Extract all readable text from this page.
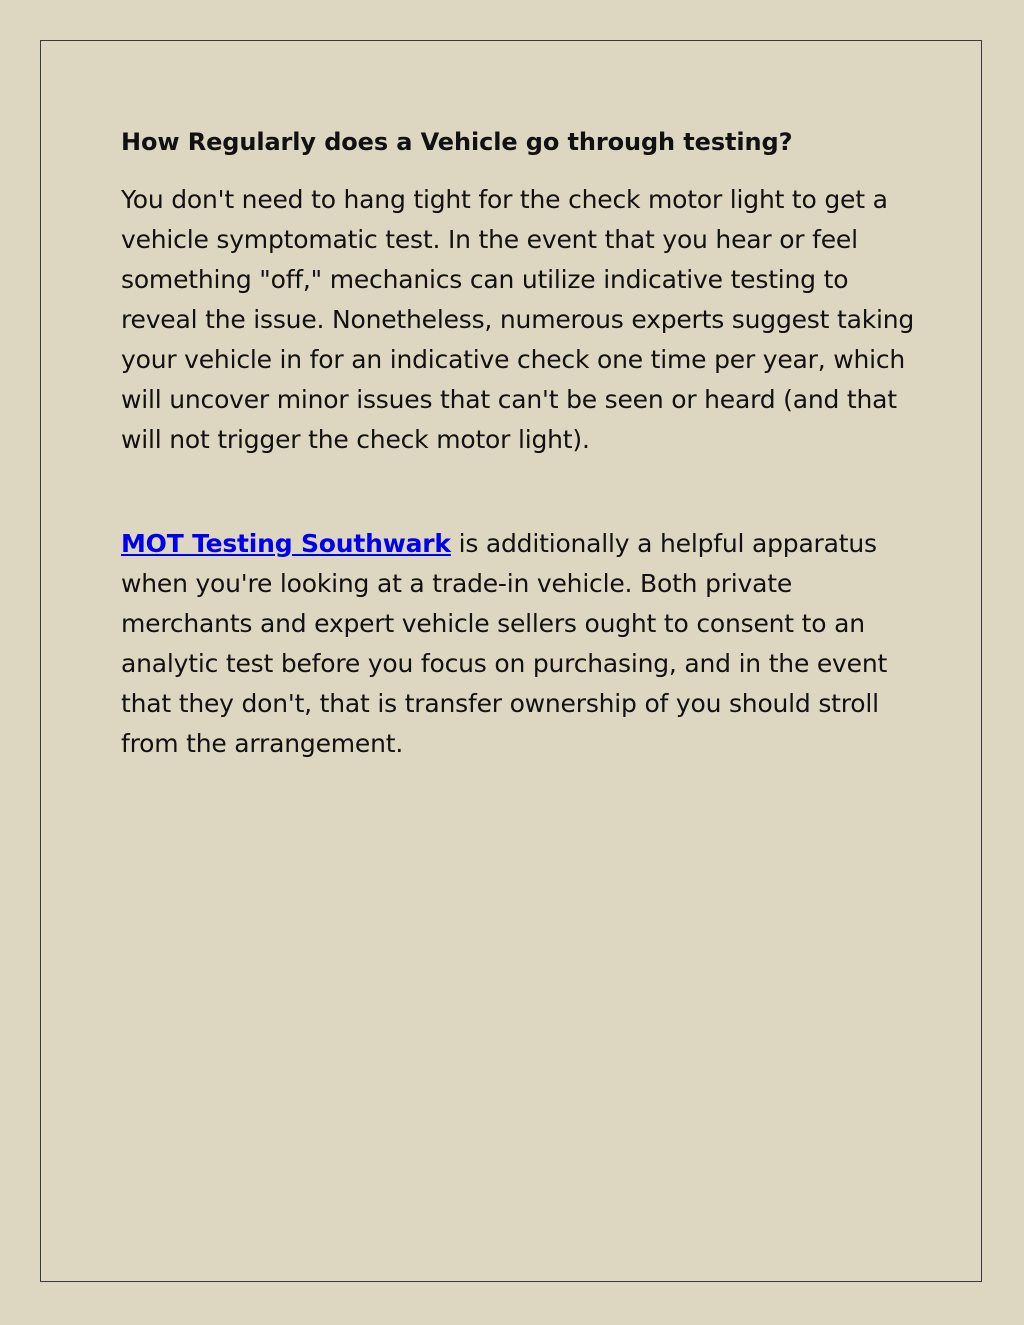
How Regularly does a Vehicle go through testing?

You don't need to hang tight for the check motor light to get a vehicle symptomatic test. In the event that you hear or feel something "off," mechanics can utilize indicative testing to reveal the issue. Nonetheless, numerous experts suggest taking your vehicle in for an indicative check one time per year, which will uncover minor issues that can't be seen or heard (and that will not trigger the check motor light).

MOT Testing Southwark is additionally a helpful apparatus when you're looking at a trade-in vehicle. Both private merchants and expert vehicle sellers ought to consent to an analytic test before you focus on purchasing, and in the event that they don't, that is transfer ownership of you should stroll from the arrangement.
